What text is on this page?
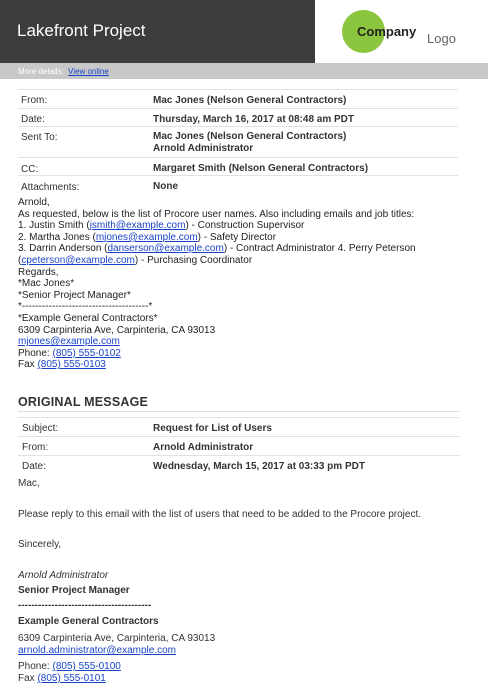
Lakefront Project	Company Logo
More details: View online
From:	Mac Jones (Nelson General Contractors)
Date:	Thursday, March 16, 2017 at 08:48 am PDT
Sent To:	Mac Jones (Nelson General Contractors)
Arnold Administrator
CC:	Margaret Smith (Nelson General Contractors)
Attachments:	None
Arnold,
As requested, below is the list of Procore user names. Also including emails and job titles:
1. Justin Smith (jsmith@example.com) - Construction Supervisor
2. Martha Jones (mjones@example.com) - Safety Director
3. Darrin Anderson (danserson@example.com) - Contract Administrator 4. Perry Peterson
(cpeterson@example.com) - Purchasing Coordinator
Regards,
*Mac Jones*
*Senior Project Manager*
*--------------------------------------*
*Example General Contractors*
6309 Carpinteria Ave, Carpinteria, CA 93013
mjones@example.com
Phone: (805) 555-0102
Fax (805) 555-0103
ORIGINAL MESSAGE
Subject:	Request for List of Users
From:	Arnold Administrator
Date:	Wednesday, March 15, 2017 at 03:33 pm PDT
Mac,
Please reply to this email with the list of users that need to be added to the Procore project.
Sincerely,
Arnold Administrator
Senior Project Manager
----------------------------------------
Example General Contractors
6309 Carpinteria Ave, Carpinteria, CA 93013
arnold.administrator@example.com
Phone: (805) 555-0100
Fax (805) 555-0101
